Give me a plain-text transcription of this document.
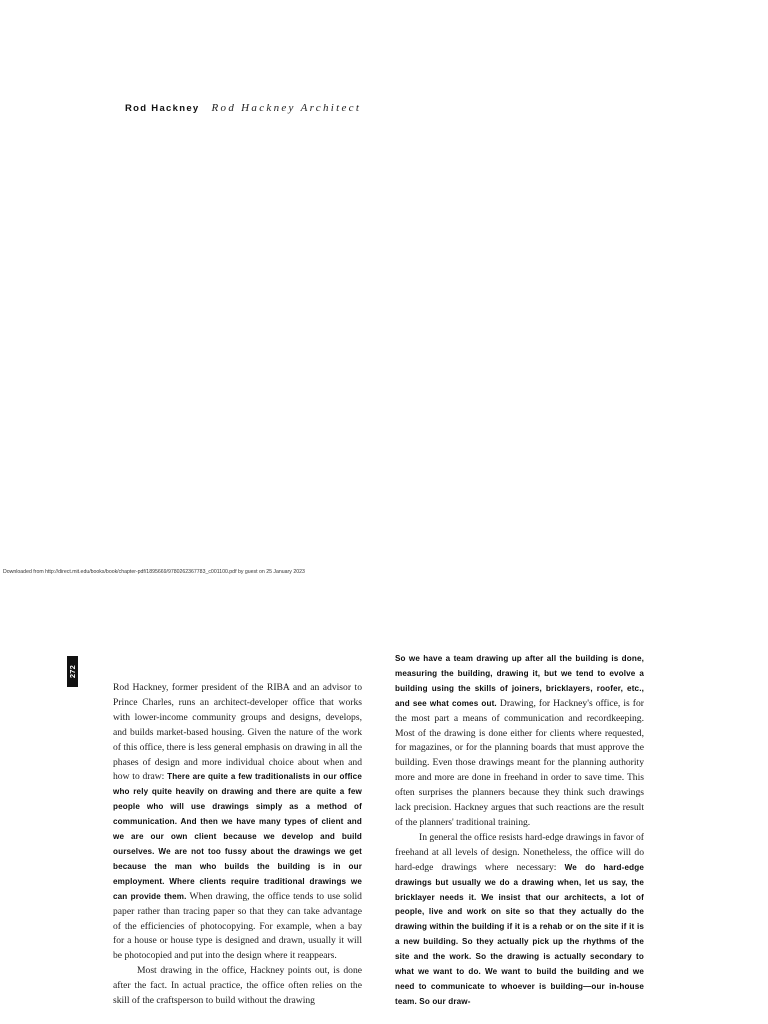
Rod Hackney Rod Hackney Architect
Downloaded from http://direct.mit.edu/books/book/chapter-pdf/1895669/9780262367783_c001100.pdf by guest on 25 January 2023
272

Rod Hackney, former president of the RIBA and an advisor to Prince Charles, runs an architect-developer office that works with lower-income community groups and designs, develops, and builds market-based housing. Given the nature of the work of this office, there is less general emphasis on drawing in all the phases of design and more individual choice about when and how to draw: There are quite a few traditionalists in our office who rely quite heavily on drawing and there are quite a few people who will use drawings simply as a method of communication. And then we have many types of client and we are our own client because we develop and build ourselves. We are not too fussy about the drawings we get because the man who builds the building is in our employment. Where clients require traditional drawings we can provide them. When drawing, the office tends to use solid paper rather than tracing paper so that they can take advantage of the efficiencies of photocopying. For example, when a bay for a house or house type is designed and drawn, usually it will be photocopied and put into the design where it reappears.

Most drawing in the office, Hackney points out, is done after the fact. In actual practice, the office often relies on the skill of the craftsperson to build without the drawing

So we have a team drawing up after all the building is done, measuring the building, drawing it, but we tend to evolve a building using the skills of joiners, bricklayers, roofer, etc., and see what comes out. Drawing, for Hackney's office, is for the most part a means of communication and recordkeeping. Most of the drawing is done either for clients where requested, for magazines, or for the planning boards that must approve the building. Even those drawings meant for the planning authority more and more are done in freehand in order to save time. This often surprises the planners because they think such drawings lack precision. Hackney argues that such reactions are the result of the planners' traditional training.

In general the office resists hard-edge drawings in favor of freehand at all levels of design. Nonetheless, the office will do hard-edge drawings where necessary: We do hard-edge drawings but usually we do a drawing when, let us say, the bricklayer needs it. We insist that our architects, a lot of people, live and work on site so that they actually do the drawing within the building if it is a rehab or on the site if it is a new building. So they actually pick up the rhythms of the site and the work. So the drawing is actually secondary to what we want to do. We want to build the building and we need to communicate to whoever is building—our in-house team. So our draw-
